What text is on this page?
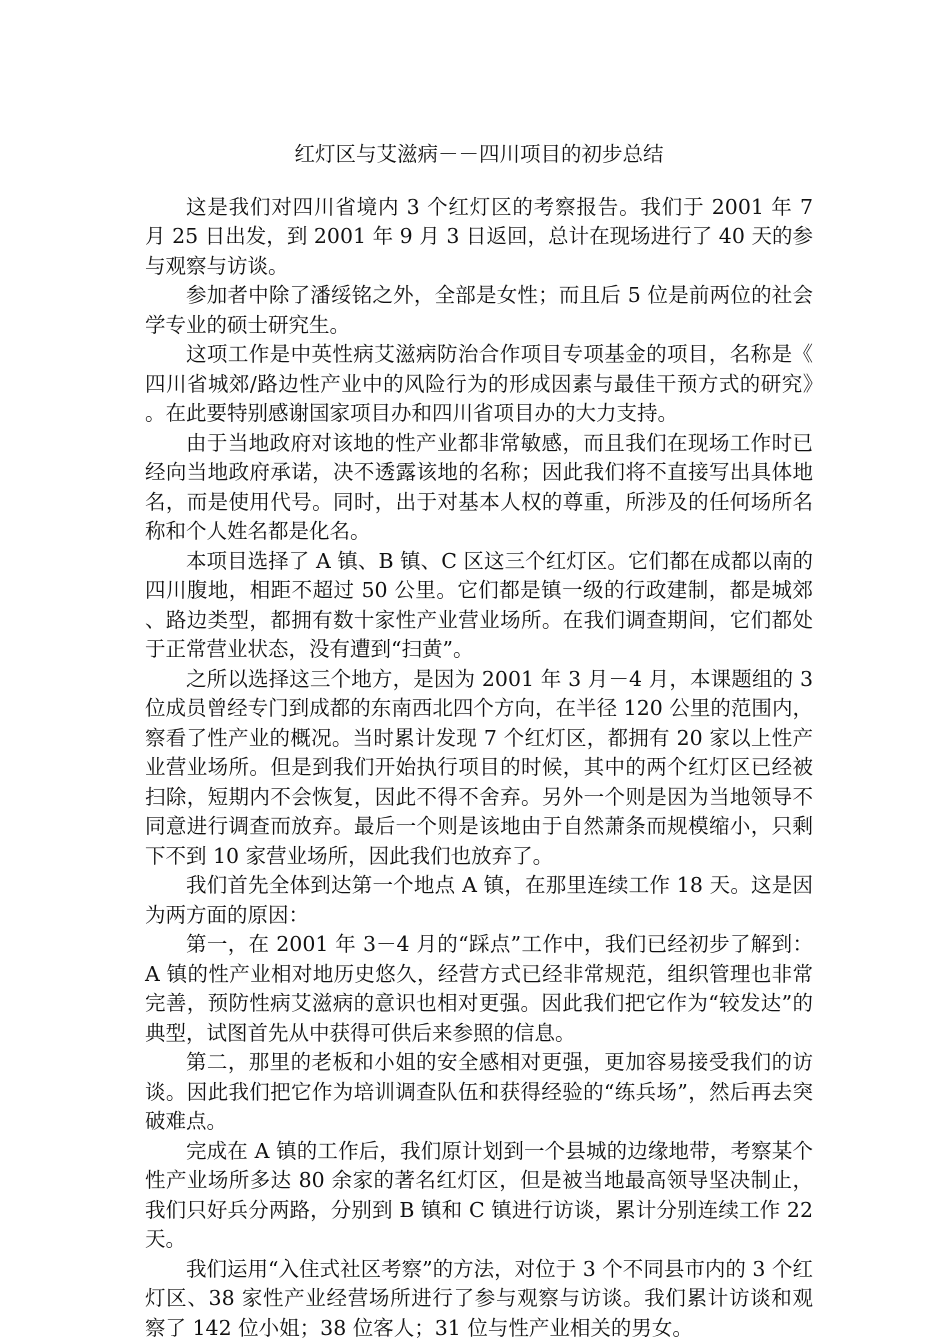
红灯区与艾滋病－－四川项目的初步总结

这是我们对四川省境内 3 个红灯区的考察报告。我们于 2001 年 7 月 25 日出发，到 2001 年 9 月 3 日返回，总计在现场进行了 40 天的参与观察与访谈。

参加者中除了潘绥铭之外，全部是女性；而且后 5 位是前两位的社会学专业的硕士研究生。

这项工作是中英性病艾滋病防治合作项目专项基金的项目，名称是《四川省城郊/路边性产业中的风险行为的形成因素与最佳干预方式的研究》。在此要特别感谢国家项目办和四川省项目办的大力支持。

由于当地政府对该地的性产业都非常敏感，而且我们在现场工作时已经向当地政府承诺，决不透露该地的名称；因此我们将不直接写出具体地名，而是使用代号。同时，出于对基本人权的尊重，所涉及的任何场所名称和个人姓名都是化名。

本项目选择了 A 镇、B 镇、C 区这三个红灯区。它们都在成都以南的四川腹地，相距不超过 50 公里。它们都是镇一级的行政建制，都是城郊、路边类型，都拥有数十家性产业营业场所。在我们调查期间，它们都处于正常营业状态，没有遭到“扫黄”。

之所以选择这三个地方，是因为 2001 年 3 月－4 月，本课题组的 3 位成员曾经专门到成都的东南西北四个方向，在半径 120 公里的范围内，察看了性产业的概况。当时累计发现 7 个红灯区，都拥有 20 家以上性产业营业场所。但是到我们开始执行项目的时候，其中的两个红灯区已经被扫除，短期内不会恢复，因此不得不舍弃。另外一个则是因为当地领导不同意进行调查而放弃。最后一个则是该地由于自然萧条而规模缩小，只剩下不到 10 家营业场所，因此我们也放弃了。

我们首先全体到达第一个地点 A 镇，在那里连续工作 18 天。这是因为两方面的原因：

第一，在 2001 年 3－4 月的“踩点”工作中，我们已经初步了解到：A 镇的性产业相对地历史悠久，经营方式已经非常规范，组织管理也非常完善，预防性病艾滋病的意识也相对更强。因此我们把它作为“较发达”的典型，试图首先从中获得可供后来参照的信息。

第二，那里的老板和小姐的安全感相对更强，更加容易接受我们的访谈。因此我们把它作为培训调查队伍和获得经验的“练兵场”，然后再去突破难点。

完成在 A 镇的工作后，我们原计划到一个县城的边缘地带，考察某个性产业场所多达 80 余家的著名红灯区，但是被当地最高领导坚决制止，我们只好兵分两路，分别到 B 镇和 C 镇进行访谈，累计分别连续工作 22 天。

我们运用“入住式社区考察”的方法，对位于 3 个不同县市内的 3 个红灯区、38 家性产业经营场所进行了参与观察与访谈。我们累计访谈和观察了 142 位小姐；38 位客人；31 位与性产业相关的男女。
